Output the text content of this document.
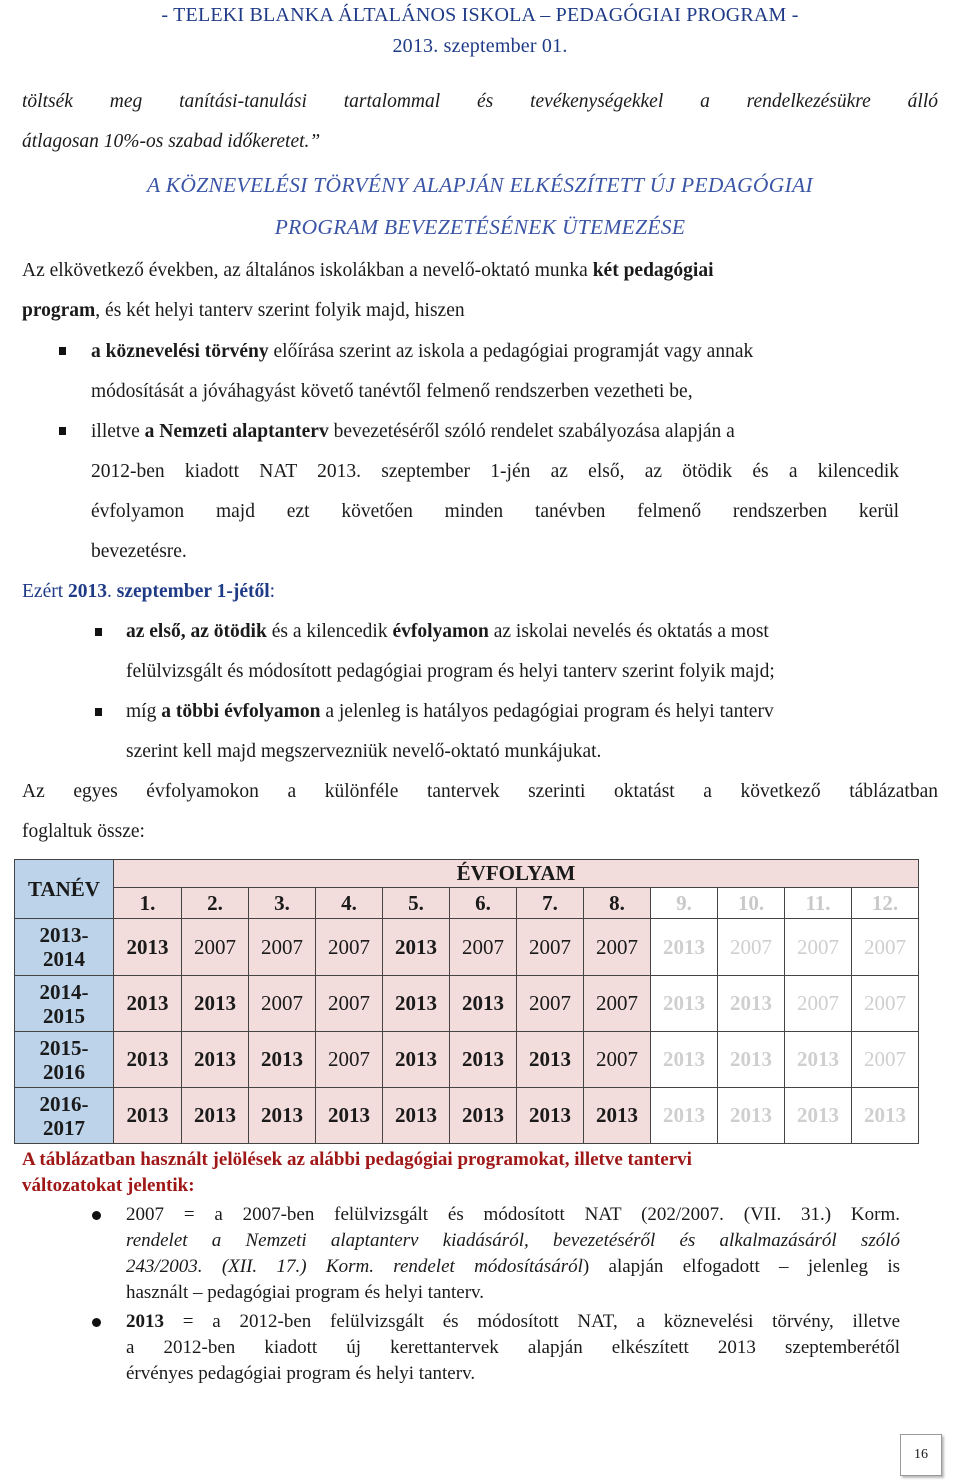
- TELEKI BLANKA ÁLTALÁNOS ISKOLA – PEDAGÓGIAI PROGRAM -
2013. szeptember 01.
töltsék meg tanítási-tanulási tartalommal és tevékenységekkel a rendelkezésükre álló
átlagosan 10%-os szabad időkeretet.”
A KÖZNEVELÉSI TÖRVÉNY ALAPJÁN ELKÉSZÍTETT ÚJ PEDAGÓGIAI
PROGRAM BEVEZETÉSÉNEK ÜTEMEZÉSE
Az elkövetkező években, az általános iskolákban a nevelő-oktató munka két pedagógiai
program, és két helyi tanterv szerint folyik majd, hiszen
a köznevelési törvény előírása szerint az iskola a pedagógiai programját vagy annak
módosítását a jóváhagyást követő tanévtől felmenő rendszerben vezetheti be,
illetve a Nemzeti alaptanterv bevezetéséről szóló rendelet szabályozása alapján a
2012-ben kiadott NAT 2013. szeptember 1-jén az első, az ötödik és a kilencedik
évfolyamon majd ezt követően minden tanévben felmenő rendszerben kerül
bevezetésre.
Ezért 2013. szeptember 1-jétől:
az első, az ötödik és a kilencedik évfolyamon az iskolai nevelés és oktatás a most
felülvizsgált és módosított pedagógiai program és helyi tanterv szerint folyik majd;
míg a többi évfolyamon a jelenleg is hatályos pedagógiai program és helyi tanterv
szerint kell majd megszervezniük nevelő-oktató munkájukat.
Az egyes évfolyamokon a különféle tantervek szerinti oktatást a következő táblázatban
foglaltuk össze:
TANÉV	ÉVFOLYAM											
	1.	2.	3.	4.	5.	6.	7.	8.	9.	10.	11.	12.

2013-
2014	2013	2007	2007	2007	2013	2007	2007	2007	2013	2007	2007	2007

2014-
2015	2013	2013	2007	2007	2013	2013	2007	2007	2013	2013	2007	2007

2015-
2016	2013	2013	2013	2007	2013	2013	2013	2007	2013	2013	2013	2007

2016-
2017	2013	2013	2013	2013	2013	2013	2013	2013	2013	2013	2013	2013
A táblázatban használt jelölések az alábbi pedagógiai programokat, illetve tantervi
változatokat jelentik:
2007 = a 2007-ben felülvizsgált és módosított NAT (202/2007. (VII. 31.) Korm.
rendelet a Nemzeti alaptanterv kiadásáról, bevezetéséről és alkalmazásáról szóló
243/2003. (XII. 17.) Korm. rendelet módosításáról) alapján elfogadott – jelenleg is
használt – pedagógiai program és helyi tanterv.
2013 = a 2012-ben felülvizsgált és módosított NAT, a köznevelési törvény, illetve
a 2012-ben kiadott új kerettantervek alapján elkészített 2013 szeptemberétől
érvényes pedagógiai program és helyi tanterv.
16
